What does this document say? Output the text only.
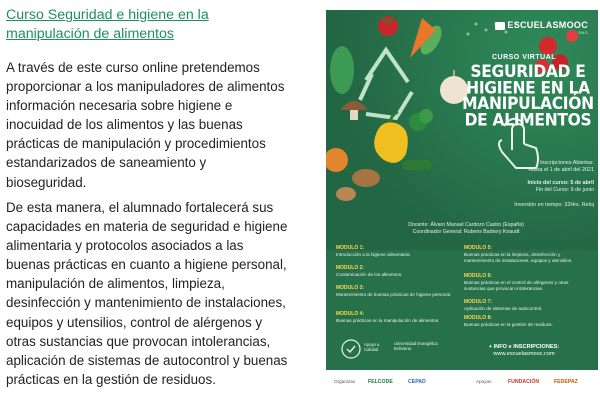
Curso Seguridad e higiene en la manipulación de alimentos

A través de este curso online pretendemos proporcionar a los manipuladores de alimentos información necesaria sobre higiene e inocuidad de los alimentos y las buenas prácticas de manipulación y procedimientos estandarizados de saneamiento y bioseguridad.

De esta manera, el alumnado fortalecerá sus capacidades en materia de seguridad e higiene alimentaria y protocolos asociados a las buenas prácticas en cuanto a higiene personal, manipulación de alimentos, limpieza, desinfección y mantenimiento de instalaciones, equipos y utensilios, control de alérgenos y otras sustancias que provocan intolerancias, aplicación de sistemas de autocontrol y buenas prácticas en la gestión de residuos.

ESCUELASMOOC
ONG
CURSO VIRTUAL
SEGURIDAD E HIGIENE EN LA MANIPULACIÓN DE ALIMENTOS
Inscripciones Abiertas:
Hasta el 1 de abril del 2021
Inicio del curso: 5 de abril
Fin del Curso: 9 de junio
Inversión en tiempo: 32Hrs. Reloj
Docente: Álvaro Manuel Cardozo Castro (España)
Coordinador General: Rubens Barbery Knaudt
MODULO 1:
Introducción a la higiene alimentaria.
MODULO 2:
Contaminación de los alimentos.
MODULO 3:
Mantenimiento de buenas prácticas de higiene personal.
MODULO 4:
Buenas prácticas en la manipulación de alimentos.
MODULO 5:
Buenas prácticas en la limpieza, desinfección y mantenimiento de instalaciones, equipos y utensilios.
MODULO 6:
Buenas prácticas en el control de alérgenos y otras sustancias que provocan intolerancias.
MODULO 7:
Aplicación de sistemas de autocontrol.
MODULO 8:
Buenas prácticas en la gestión de residuos.
Apoyo a Calidad
Universidad Evangélica Boliviana	+ INFO e INSCRIPCIONES:
www.escuelasmooc.com
Organizan	FELCODE	CEPAD	Apoyan	FUNDACIÓN	FEDEPAZ
